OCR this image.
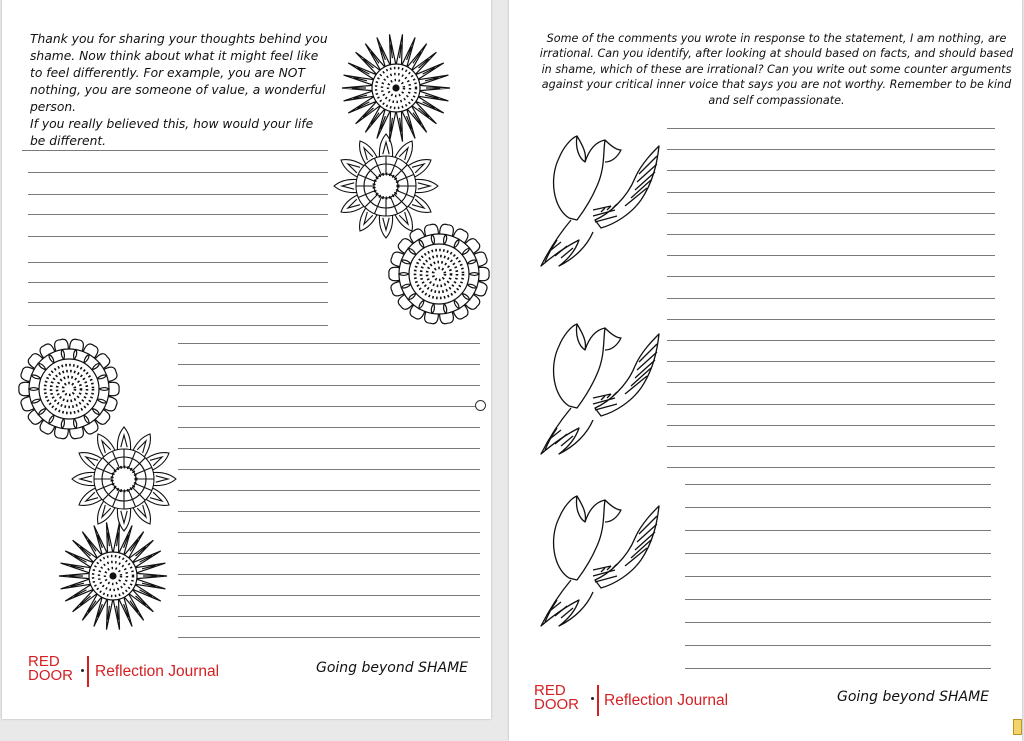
Thank you for sharing your thoughts behind you shame. Now think about what it might feel like to feel differently. For example, you are NOT nothing, you are someone of value, a wonderful person.
If you really believed this, how would your life be different.

RED
DOOR Reflection Journal	Going beyond SHAME

Some of the comments you wrote in response to the statement, I am nothing, are irrational. Can you identify, after looking at should based on facts, and should based in shame, which of these are irrational? Can you write out some counter arguments against your critical inner voice that says you are not worthy. Remember to be kind and self compassionate.

RED
DOOR Reflection Journal	Going beyond SHAME
